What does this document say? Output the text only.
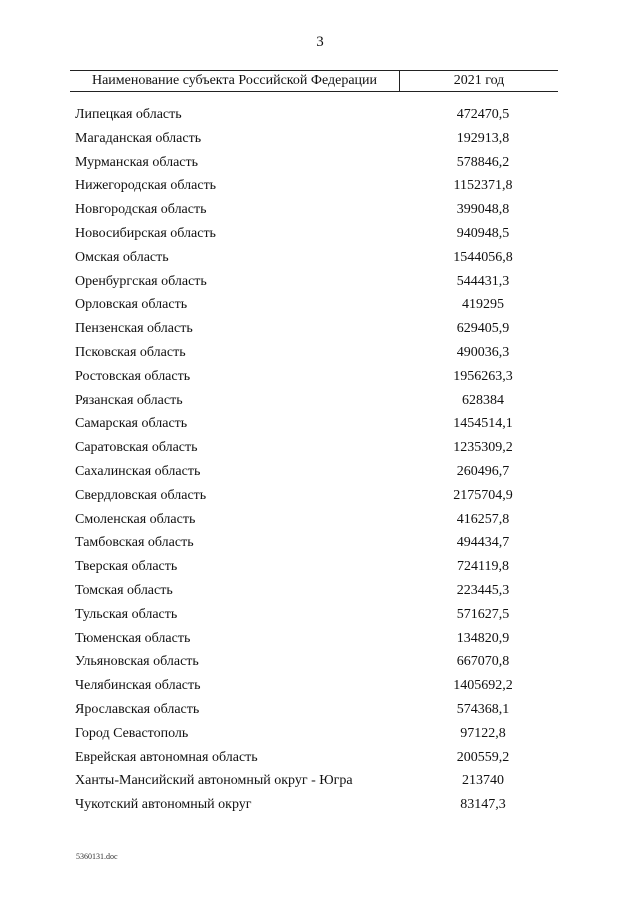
3
Наименование субъекта Российской Федерации	2021 год
Липецкая область	472470,5
Магаданская область	192913,8
Мурманская область	578846,2
Нижегородская область	1152371,8
Новгородская область	399048,8
Новосибирская область	940948,5
Омская область	1544056,8
Оренбургская область	544431,3
Орловская область	419295
Пензенская область	629405,9
Псковская область	490036,3
Ростовская область	1956263,3
Рязанская область	628384
Самарская область	1454514,1
Саратовская область	1235309,2
Сахалинская область	260496,7
Свердловская область	2175704,9
Смоленская область	416257,8
Тамбовская область	494434,7
Тверская область	724119,8
Томская область	223445,3
Тульская область	571627,5
Тюменская область	134820,9
Ульяновская область	667070,8
Челябинская область	1405692,2
Ярославская область	574368,1
Город Севастополь	97122,8
Еврейская автономная область	200559,2
Ханты-Мансийский автономный округ - Югра	213740
Чукотский автономный округ	83147,3
5360131.doc
